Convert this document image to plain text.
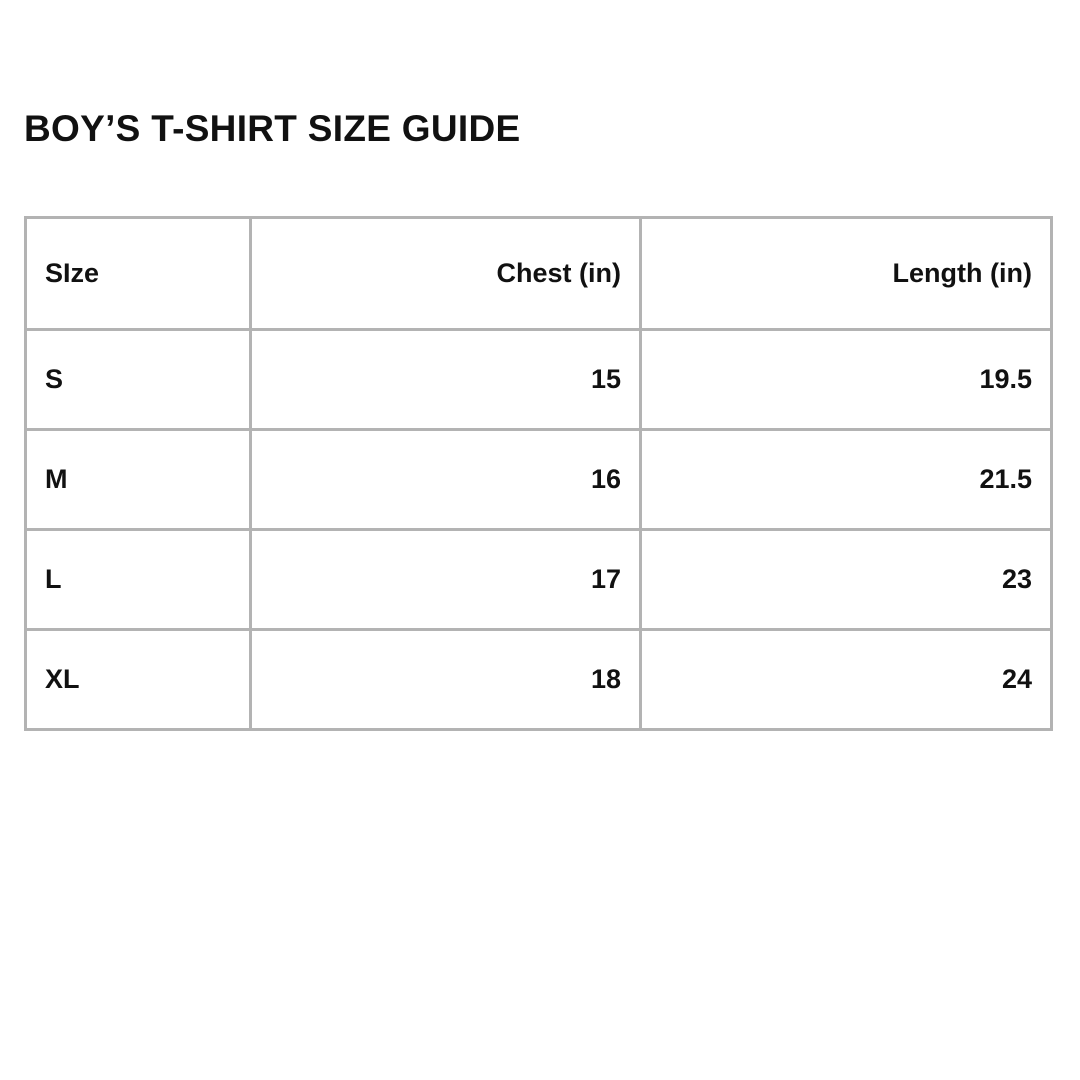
BOY’S T-SHIRT SIZE GUIDE
SIze	Chest (in)	Length (in)
S	15	19.5
M	16	21.5
L	17	23
XL	18	24
